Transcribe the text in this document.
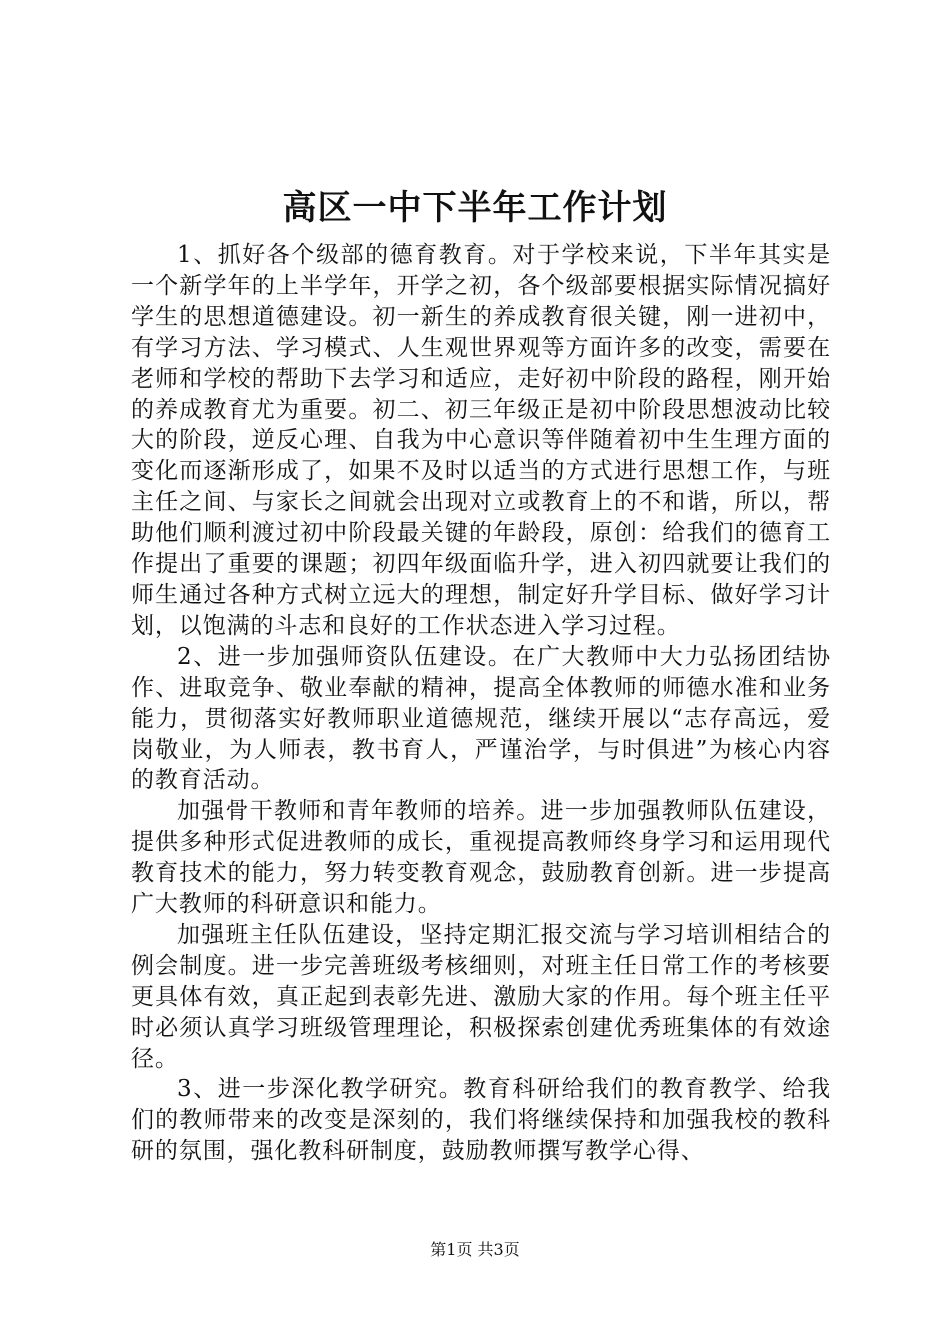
高区一中下半年工作计划

1、抓好各个级部的德育教育。对于学校来说，下半年其实是一个新学年的上半学年，开学之初，各个级部要根据实际情况搞好学生的思想道德建设。初一新生的养成教育很关键，刚一进初中，有学习方法、学习模式、人生观世界观等方面许多的改变，需要在老师和学校的帮助下去学习和适应，走好初中阶段的路程，刚开始的养成教育尤为重要。初二、初三年级正是初中阶段思想波动比较大的阶段，逆反心理、自我为中心意识等伴随着初中生生理方面的变化而逐渐形成了，如果不及时以适当的方式进行思想工作，与班主任之间、与家长之间就会出现对立或教育上的不和谐，所以，帮助他们顺利渡过初中阶段最关键的年龄段，原创：给我们的德育工作提出了重要的课题；初四年级面临升学，进入初四就要让我们的师生通过各种方式树立远大的理想，制定好升学目标、做好学习计划，以饱满的斗志和良好的工作状态进入学习过程。

2、进一步加强师资队伍建设。在广大教师中大力弘扬团结协作、进取竞争、敬业奉献的精神，提高全体教师的师德水准和业务能力，贯彻落实好教师职业道德规范，继续开展以“志存高远，爱岗敬业，为人师表，教书育人，严谨治学，与时俱进”为核心内容的教育活动。

加强骨干教师和青年教师的培养。进一步加强教师队伍建设，提供多种形式促进教师的成长，重视提高教师终身学习和运用现代教育技术的能力，努力转变教育观念，鼓励教育创新。进一步提高广大教师的科研意识和能力。

加强班主任队伍建设，坚持定期汇报交流与学习培训相结合的例会制度。进一步完善班级考核细则，对班主任日常工作的考核要更具体有效，真正起到表彰先进、激励大家的作用。每个班主任平时必须认真学习班级管理理论，积极探索创建优秀班集体的有效途径。

3、进一步深化教学研究。教育科研给我们的教育教学、给我们的教师带来的改变是深刻的，我们将继续保持和加强我校的教科研的氛围，强化教科研制度，鼓励教师撰写教学心得、

第1页 共3页
